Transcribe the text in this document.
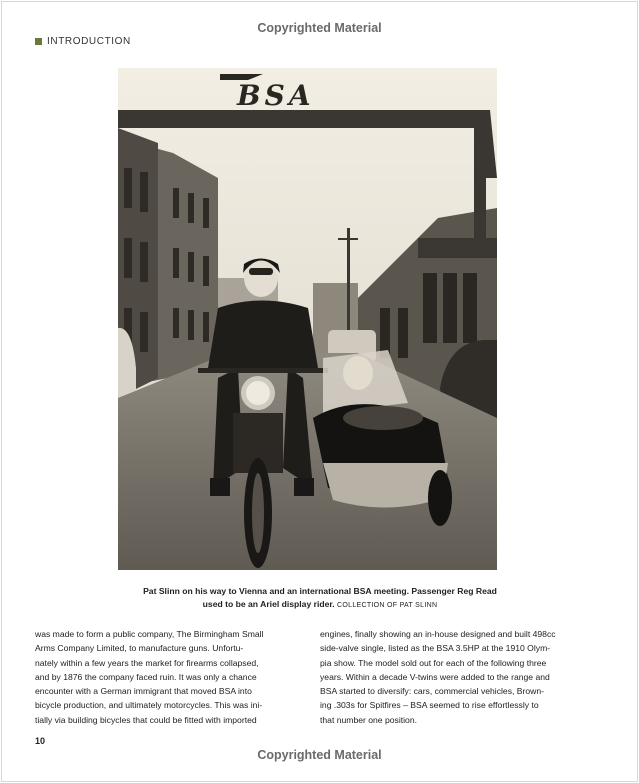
Copyrighted Material
INTRODUCTION
BSA
Pat Slinn on his way to Vienna and an international BSA meeting. Passenger Reg Read
used to be an Ariel display rider. COLLECTION OF PAT SLINN
was made to form a public company, The Birmingham Small
Arms Company Limited, to manufacture guns. Unfortu-
nately within a few years the market for firearms collapsed,
and by 1876 the company faced ruin. It was only a chance
encounter with a German immigrant that moved BSA into
bicycle production, and ultimately motorcycles. This was ini-
tially via building bicycles that could be fitted with imported
engines, finally showing an in-house designed and built 498cc
side-valve single, listed as the BSA 3.5HP at the 1910 Olym-
pia show. The model sold out for each of the following three
years. Within a decade V-twins were added to the range and
BSA started to diversify: cars, commercial vehicles, Brown-
ing .303s for Spitfires – BSA seemed to rise effortlessly to
that number one position.
10
Copyrighted Material
